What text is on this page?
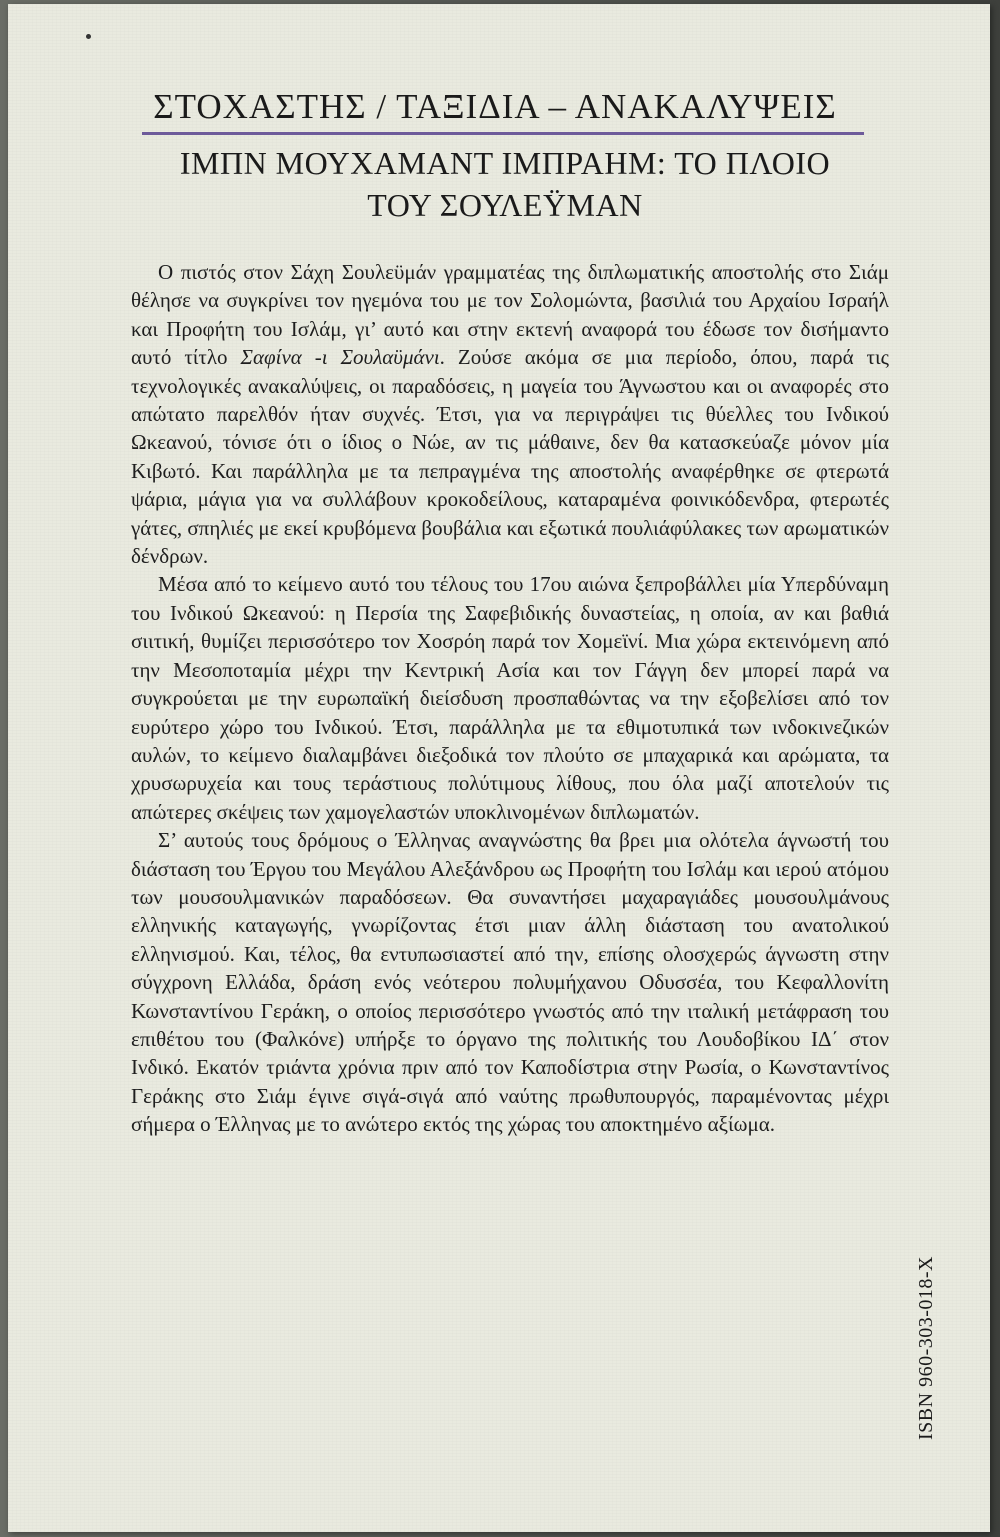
ΣΤΟΧΑΣΤΗΣ / ΤΑΞΙΔΙΑ – ΑΝΑΚΑΛΥΨΕΙΣ
ΙΜΠΝ ΜΟΥΧΑΜΑΝΤ ΙΜΠΡΑΗΜ: ΤΟ ΠΛΟΙΟ
ΤΟΥ ΣΟΥΛΕΫΜΑΝ

Ο πιστός στον Σάχη Σουλεϋμάν γραμματέας της διπλωματικής αποστολής στο Σιάμ θέλησε να συγκρίνει τον ηγεμόνα του με τον Σολομώντα, βασιλιά του Αρχαίου Ισραήλ και Προφήτη του Ισλάμ, γι’ αυτό και στην εκτενή αναφορά του έδωσε τον δισήμαντο αυτό τίτλο Σαφίνα -ι Σουλαϋμάνι. Ζούσε ακόμα σε μια περίοδο, όπου, παρά τις τεχνολογικές ανακαλύψεις, οι παραδόσεις, η μαγεία του Άγνωστου και οι αναφορές στο απώτατο παρελθόν ήταν συχνές. Έτσι, για να περιγράψει τις θύελλες του Ινδικού Ωκεανού, τόνισε ότι ο ίδιος ο Νώε, αν τις μάθαινε, δεν θα κατασκεύαζε μόνον μία Κιβωτό. Και παράλληλα με τα πεπραγμένα της αποστολής αναφέρθηκε σε φτερωτά ψάρια, μάγια για να συλλάβουν κροκοδείλους, καταραμένα φοινικόδενδρα, φτερωτές γάτες, σπηλιές με εκεί κρυβόμενα βουβάλια και εξωτικά πουλιάφύλακες των αρωματικών δένδρων.

Μέσα από το κείμενο αυτό του τέλους του 17ου αιώνα ξεπροβάλλει μία Υπερδύναμη του Ινδικού Ωκεανού: η Περσία της Σαφεβιδικής δυναστείας, η οποία, αν και βαθιά σιιτική, θυμίζει περισσότερο τον Χοσρόη παρά τον Χομεϊνί. Μια χώρα εκτεινόμενη από την Μεσοποταμία μέχρι την Κεντρική Ασία και τον Γάγγη δεν μπορεί παρά να συγκρούεται με την ευρωπαϊκή διείσδυση προσπαθώντας να την εξοβελίσει από τον ευρύτερο χώρο του Ινδικού. Έτσι, παράλληλα με τα εθιμοτυπικά των ινδοκινεζικών αυλών, το κείμενο διαλαμβάνει διεξοδικά τον πλούτο σε μπαχαρικά και αρώματα, τα χρυσωρυχεία και τους τεράστιους πολύτιμους λίθους, που όλα μαζί αποτελούν τις απώτερες σκέψεις των χαμογελαστών υποκλινομένων διπλωματών.

Σ’ αυτούς τους δρόμους ο Έλληνας αναγνώστης θα βρει μια ολότελα άγνωστή του διάσταση του Έργου του Μεγάλου Αλεξάνδρου ως Προφήτη του Ισλάμ και ιερού ατόμου των μουσουλμανικών παραδόσεων. Θα συναντήσει μαχαραγιάδες μουσουλμάνους ελληνικής καταγωγής, γνωρίζοντας έτσι μιαν άλλη διάσταση του ανατολικού ελληνισμού. Και, τέλος, θα εντυπωσιαστεί από την, επίσης ολοσχερώς άγνωστη στην σύγχρονη Ελλάδα, δράση ενός νεότερου πολυμήχανου Οδυσσέα, του Κεφαλλονίτη Κωνσταντίνου Γεράκη, ο οποίος περισσότερο γνωστός από την ιταλική μετάφραση του επιθέτου του (Φαλκόνε) υπήρξε το όργανο της πολιτικής του Λουδοβίκου ΙΔ΄ στον Ινδικό. Εκατόν τριάντα χρόνια πριν από τον Καποδίστρια στην Ρωσία, ο Κωνσταντίνος Γεράκης στο Σιάμ έγινε σιγά-σιγά από ναύτης πρωθυπουργός, παραμένοντας μέχρι σήμερα ο Έλληνας με το ανώτερο εκτός της χώρας του αποκτημένο αξίωμα.

ISBN 960-303-018-X
